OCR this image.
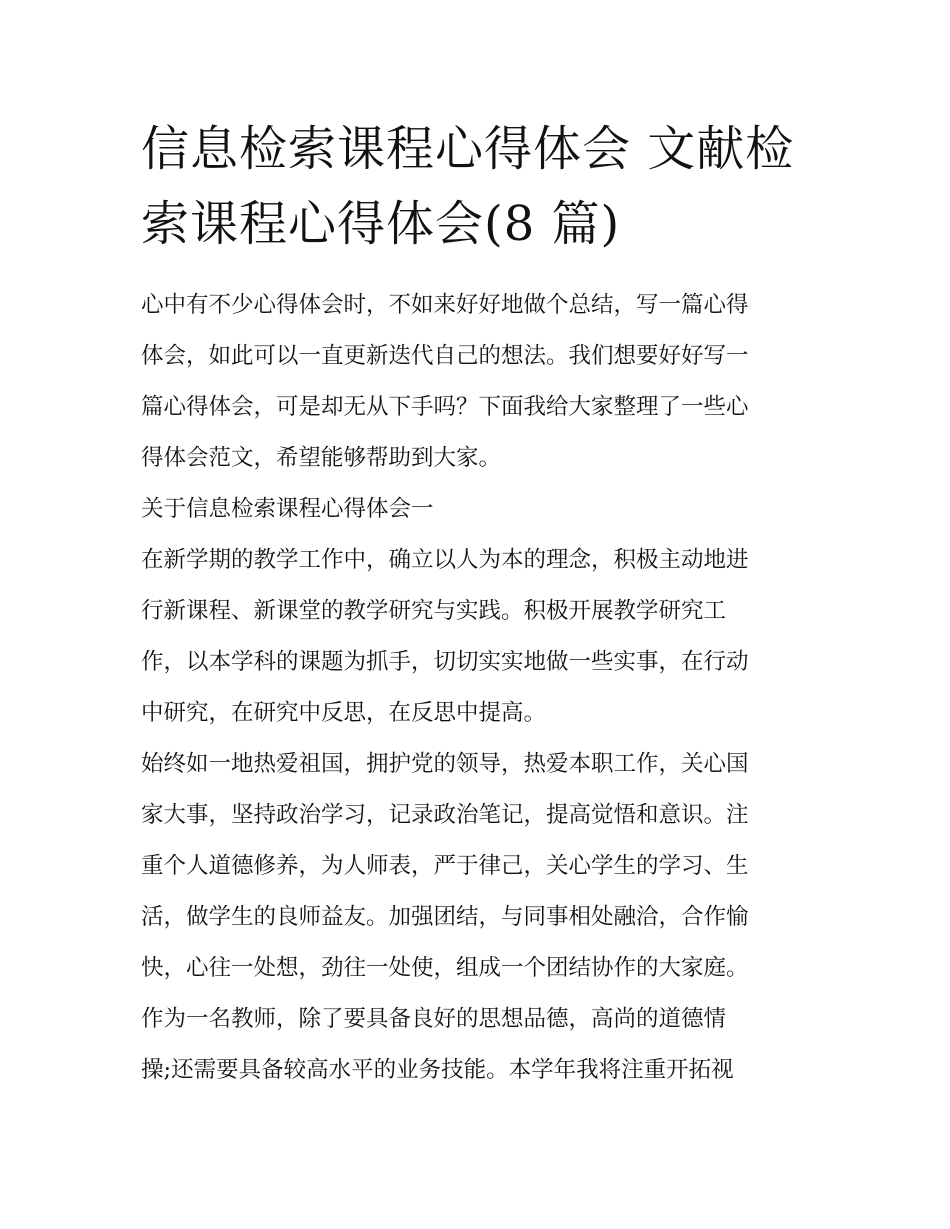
信息检索课程心得体会 文献检
索课程心得体会(8 篇)
心中有不少心得体会时，不如来好好地做个总结，写一篇心得
体会，如此可以一直更新迭代自己的想法。我们想要好好写一
篇心得体会，可是却无从下手吗？下面我给大家整理了一些心
得体会范文，希望能够帮助到大家。
关于信息检索课程心得体会一
在新学期的教学工作中，确立以人为本的理念，积极主动地进
行新课程、新课堂的教学研究与实践。积极开展教学研究工
作，以本学科的课题为抓手，切切实实地做一些实事，在行动
中研究，在研究中反思，在反思中提高。
始终如一地热爱祖国，拥护党的领导，热爱本职工作，关心国
家大事，坚持政治学习，记录政治笔记，提高觉悟和意识。注
重个人道德修养，为人师表，严于律己，关心学生的学习、生
活，做学生的良师益友。加强团结，与同事相处融洽，合作愉
快，心往一处想，劲往一处使，组成一个团结协作的大家庭。
作为一名教师，除了要具备良好的思想品德，高尚的道德情
操;还需要具备较高水平的业务技能。本学年我将注重开拓视
